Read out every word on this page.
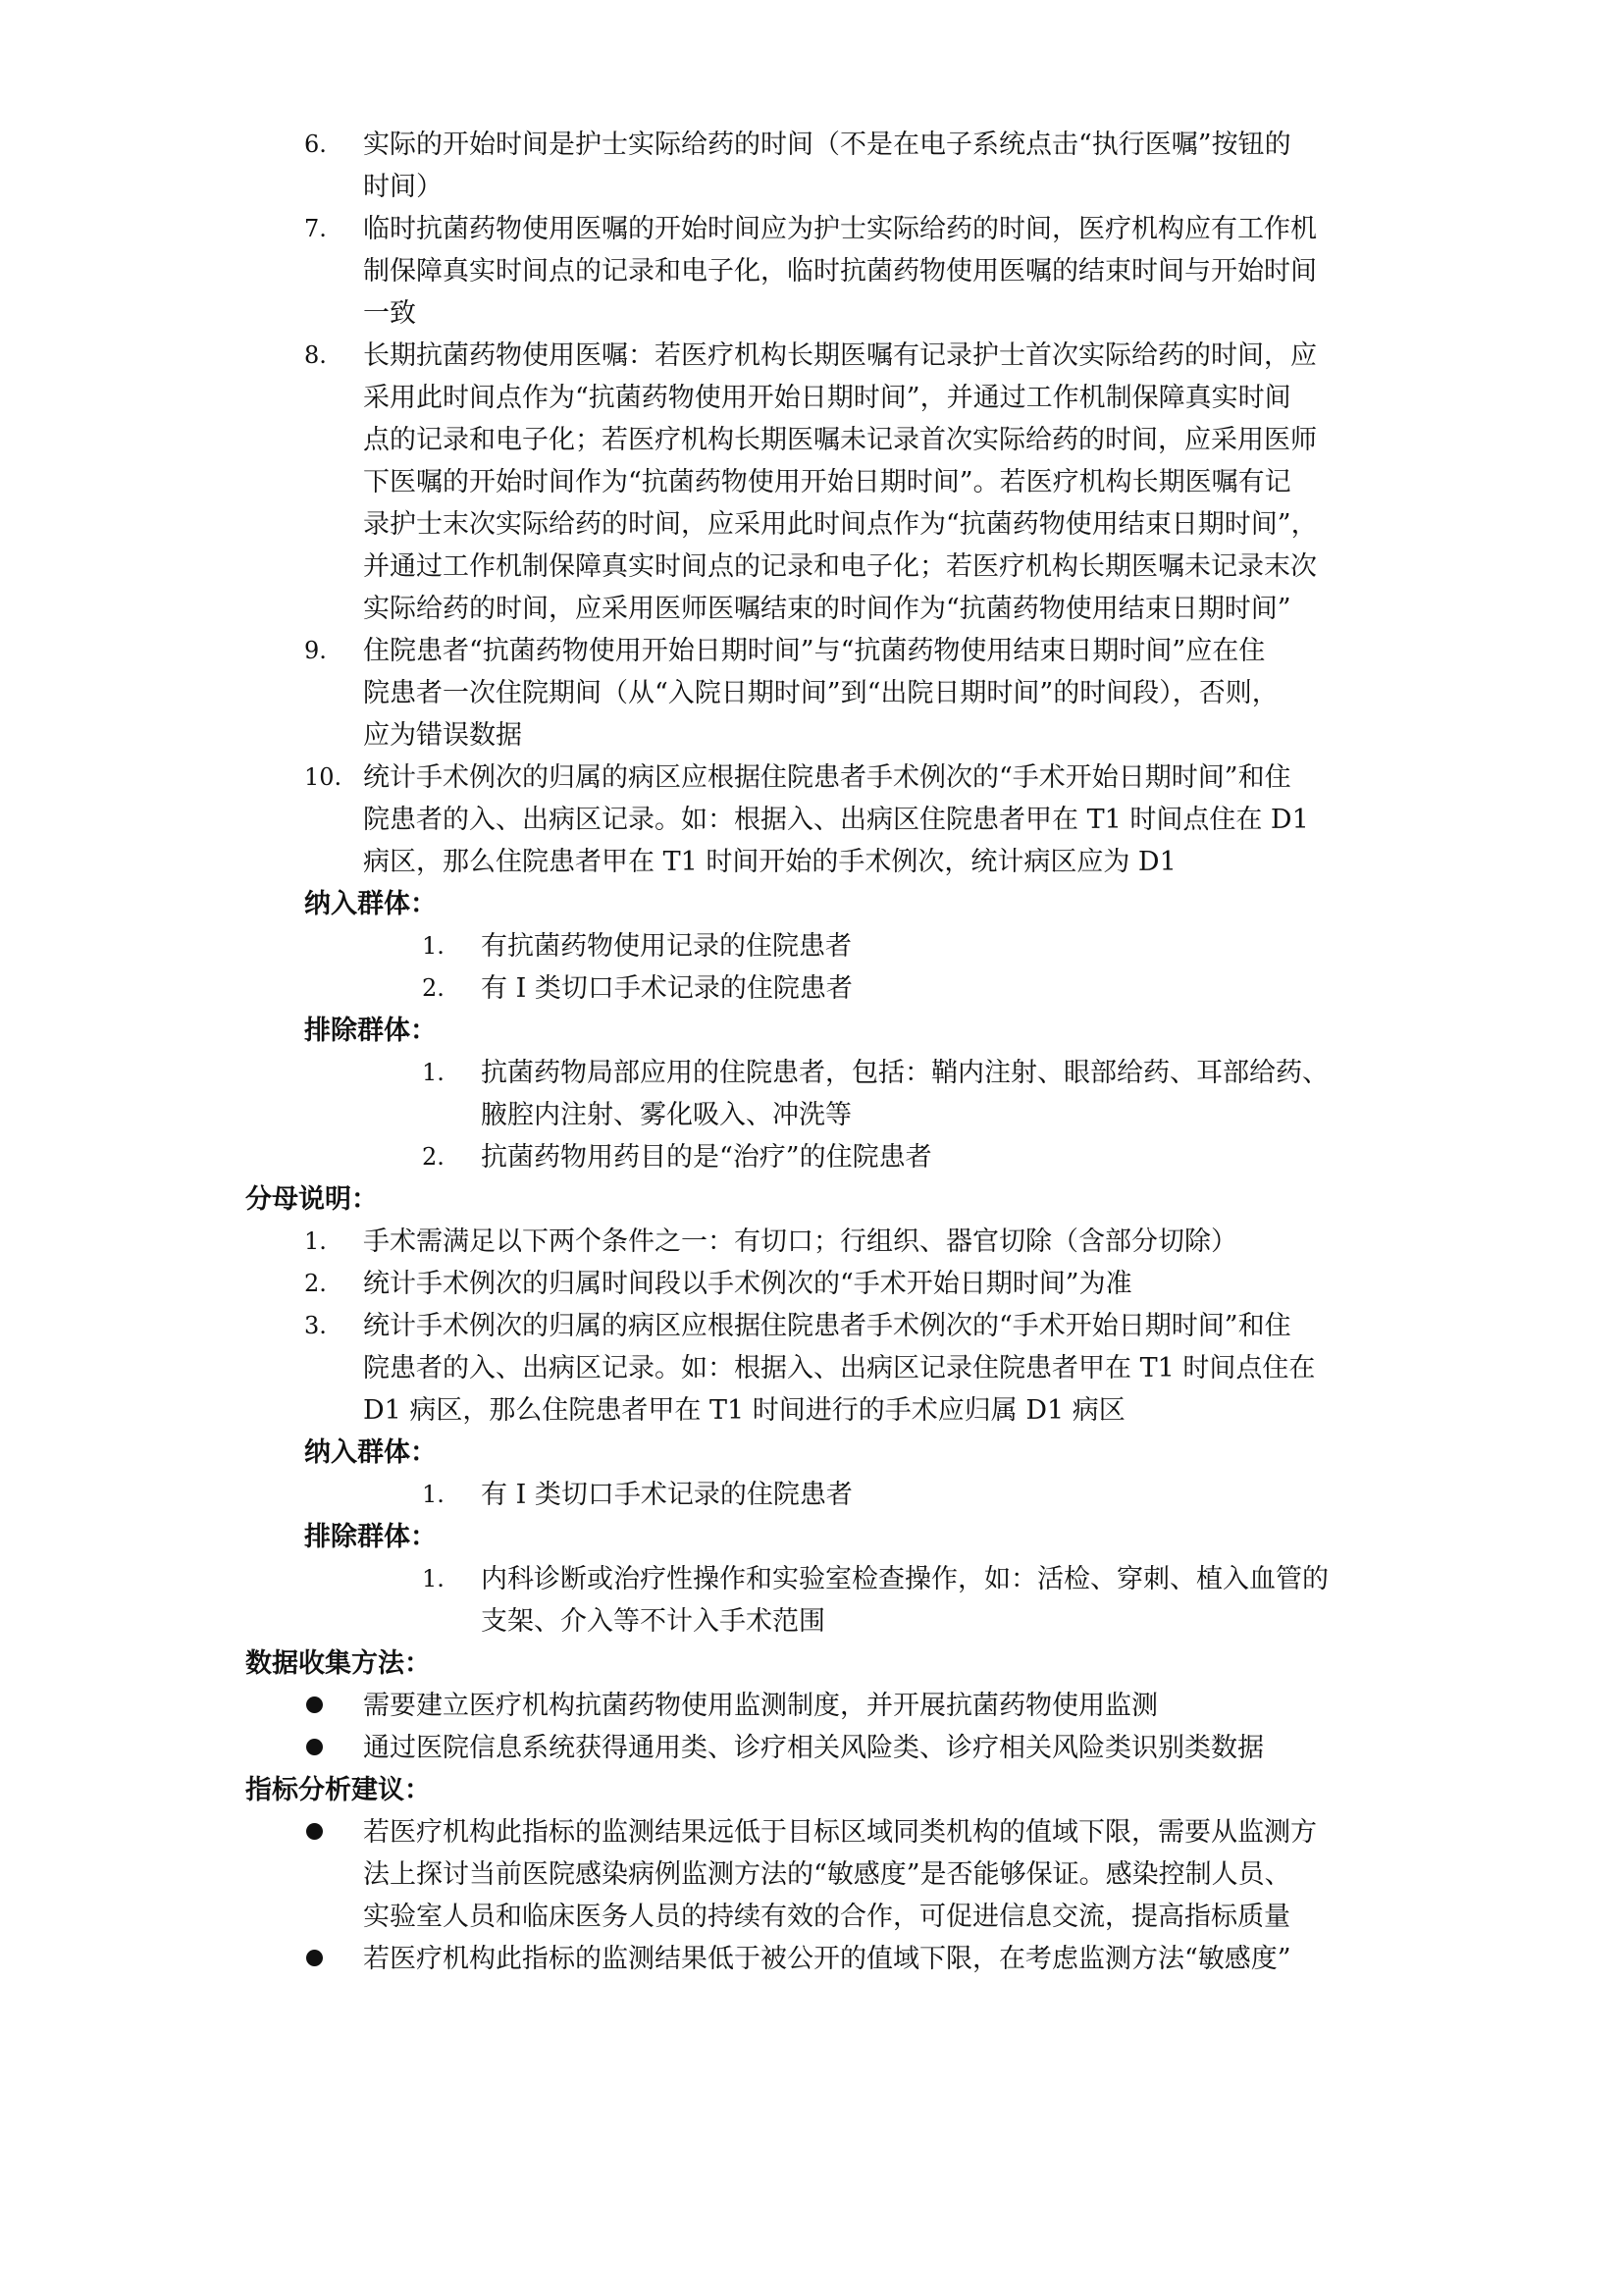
6. 实际的开始时间是护士实际给药的时间（不是在电子系统点击“执行医嘱”按钮的
时间）
7. 临时抗菌药物使用医嘱的开始时间应为护士实际给药的时间，医疗机构应有工作机
制保障真实时间点的记录和电子化，临时抗菌药物使用医嘱的结束时间与开始时间
一致
8. 长期抗菌药物使用医嘱：若医疗机构长期医嘱有记录护士首次实际给药的时间，应
采用此时间点作为“抗菌药物使用开始日期时间”，并通过工作机制保障真实时间
点的记录和电子化；若医疗机构长期医嘱未记录首次实际给药的时间，应采用医师
下医嘱的开始时间作为“抗菌药物使用开始日期时间”。若医疗机构长期医嘱有记
录护士末次实际给药的时间，应采用此时间点作为“抗菌药物使用结束日期时间”，
并通过工作机制保障真实时间点的记录和电子化；若医疗机构长期医嘱未记录末次
实际给药的时间，应采用医师医嘱结束的时间作为“抗菌药物使用结束日期时间”
9. 住院患者“抗菌药物使用开始日期时间”与“抗菌药物使用结束日期时间”应在住
院患者一次住院期间（从“入院日期时间”到“出院日期时间”的时间段），否则，
应为错误数据
10. 统计手术例次的归属的病区应根据住院患者手术例次的“手术开始日期时间”和住
院患者的入、出病区记录。如：根据入、出病区住院患者甲在 T1 时间点住在 D1
病区，那么住院患者甲在 T1 时间开始的手术例次，统计病区应为 D1
纳入群体：
1. 有抗菌药物使用记录的住院患者
2. 有 I 类切口手术记录的住院患者
排除群体：
1. 抗菌药物局部应用的住院患者，包括：鞘内注射、眼部给药、耳部给药、
腋腔内注射、雾化吸入、冲洗等
2. 抗菌药物用药目的是“治疗”的住院患者
分母说明：
1. 手术需满足以下两个条件之一：有切口；行组织、器官切除（含部分切除）
2. 统计手术例次的归属时间段以手术例次的“手术开始日期时间”为准
3. 统计手术例次的归属的病区应根据住院患者手术例次的“手术开始日期时间”和住
院患者的入、出病区记录。如：根据入、出病区记录住院患者甲在 T1 时间点住在
D1 病区，那么住院患者甲在 T1 时间进行的手术应归属 D1 病区
纳入群体：
1. 有 I 类切口手术记录的住院患者
排除群体：
1. 内科诊断或治疗性操作和实验室检查操作，如：活检、穿刺、植入血管的
支架、介入等不计入手术范围
数据收集方法：
需要建立医疗机构抗菌药物使用监测制度，并开展抗菌药物使用监测
通过医院信息系统获得通用类、诊疗相关风险类、诊疗相关风险类识别类数据
指标分析建议：
若医疗机构此指标的监测结果远低于目标区域同类机构的值域下限，需要从监测方
法上探讨当前医院感染病例监测方法的“敏感度”是否能够保证。感染控制人员、
实验室人员和临床医务人员的持续有效的合作，可促进信息交流，提高指标质量
若医疗机构此指标的监测结果低于被公开的值域下限，在考虑监测方法“敏感度”
